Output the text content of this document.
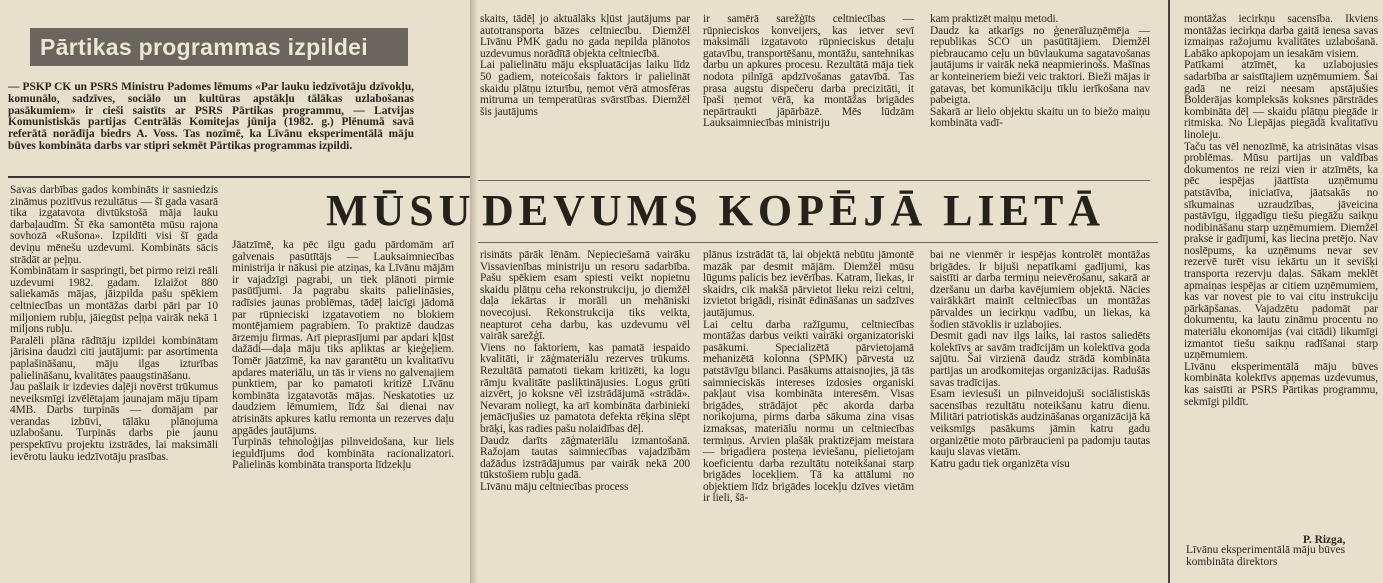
Pārtikas programmas izpildei
— PSKP CK un PSRS Ministru Padomes lēmums «Par lauku iedzīvotāju dzīvokļu, komunālo, sadzīves, sociālo un kultūras apstākļu tālākas uzlabošanas pasākumiem» ir cieši saistīts ar PSRS Pārtikas programmu, — Latvijas Komunistiskās partijas Centrālās Komitejas jūnija (1982. g.) Plēnumā savā referātā norādīja biedrs A. Voss. Tas nozīmē, ka Līvānu eksperimentālā māju būves kombināta darbs var stipri sekmēt Pārtikas programmas izpildi.
MŪSU DEVUMS KOPĒJĀ LIETĀ
Savas darbības gados kombināts ir sasniedzis zināmus pozitīvus rezultātus — šī gada vasarā tika izgatavota divtūkstošā māja lauku darbaļaudīm. Šī ēka samontēta mūsu rajona sovhozā «Rušona». Izpildīti visi šī gada deviņu mēnešu uzdevumi. Kombināts sācis strādāt ar peļņu.
Kombinātam ir saspringti, bet pirmo reizi reāli uzdevumi 1982. gadam. Izlaižot 880 saliekamās mājas, jāizpilda pašu spēkiem celtniecības un montāžas darbi pāri par 10 miljoniem rubļu, jāiegūst peļņa vairāk nekā 1 miljons rubļu.
Paralēli plāna rādītāju izpildei kombinātam jārisina daudzi citi jautājumi: par asortimenta paplašināšanu, māju ilgas izturības palielināšanu, kvalitātes paaugstināšanu.
Jau pašlaik ir izdevies daļēji novērst trūkumus neveiksmīgi izvēlētajam jaunajam māju tipam 4MB. Darbs turpinās — domājam par verandas izbūvi, tālāku plānojuma uzlabošanu. Turpinās darbs pie jaunu perspektīvu projektu izstrādes, lai maksimāli ievērotu lauku iedzīvotāju prasības.
Jāatzīmē, ka pēc ilgu gadu pārdomām arī galvenais pasūtītājs — Lauksaimniecības ministrija ir nākusi pie atziņas, ka Līvānu mājām ir vajadzīgi pagrabi, un tiek plānoti pirmie pasūtījumi. Ja pagrabu skaits palielināsies, radīsies jaunas problēmas, tādēļ laicīgi jādomā par rūpnieciski izgatavotiem no blokiem montējamiem pagrabiem. To praktizē daudzas ārzemju firmas. Arī pieprasījumi par apdari kļūst dažādi—daļa māju tiks apliktas ar ķieģeļiem. Tomēr jāatzīmē, ka nav garantētu un kvalitatīvu apdares materiālu, un tās ir viens no galvenajiem punktiem, par ko pamatoti kritizē Līvānu kombināta izgatavotās mājas. Neskatoties uz daudziem lēmumiem, līdz šai dienai nav atrisināts apkures katlu remonta un rezerves daļu apgādes jautājums.
Turpinās tehnoloģijas pilnveidošana, kur liels ieguldījums dod kombināta racionalizatori. Palielinās kombināta transporta līdzekļu
skaits, tādēļ jo aktuālāks kļūst jautājums par autotransporta bāzes celtniecību. Diemžēl Līvānu PMK gadu no gada nepilda plānotos uzdevumus norādītā objekta celtniecībā.
Lai palielinātu māju ekspluatācijas laiku līdz 50 gadiem, noteicošais faktors ir palielināt skaidu plātņu izturību, ņemot vērā atmosfēras mitruma un temperatūras svārstības. Diemžēl šis jautājums
risināts pārāk lēnām. Nepieciešamā vairāku Vissavienības ministriju un resoru sadarbība. Pašu spēkiem esam spiesti veikt nopietnu skaidu plātņu ceha rekonstrukciju, jo diemžēl daļa iekārtas ir morāli un mehāniski novecojusi. Rekonstrukcija tiks veikta, neapturot ceha darbu, kas uzdevumu vēl vairāk sarežģī.
Viens no faktoriem, kas pamatā iespaido kvalitāti, ir zāģmateriālu rezerves trūkums. Rezultātā pamatoti tiekam kritizēti, ka logu rāmju kvalitāte pasliktinājusies. Logus grūti aizvērt, jo koksne vēl izstrādājumā «strādā». Nevaram noliegt, ka arī kombināta darbinieki jemācījušies uz pamatota defekta rēķina slēpt brāķi, kas radies pašu nolaidības dēļ.
Daudz darīts zāģmateriālu izmantošanā. Ražojam tautas saimniecības vajadzībām dažādus izstrādājumus par vairāk nekā 200 tūkstošiem rubļu gadā.
Līvānu māju celtniecības process
ir samērā sarežģīts celtniecības — rūpnieciskos konveijers, kas ietver sevī maksimāli izgatavoto rūpnieciskus detaļu gatavību, transportēšanu, montāžu, santehnikas darbu un apkures procesu. Rezultātā māja tiek nodota pilnīgā apdzīvošanas gatavībā. Tas prasa augstu dispečeru darba precizitāti, it īpaši ņemot vērā, ka montāžas brigādes nepārtraukti jāpārbāzē. Mēs lūdzām Lauksaimniecības ministriju
plānus izstrādāt tā, lai objektā nebūtu jāmontē mazāk par desmit mājām. Diemžēl mūsu lūgums palicis bez ievērības. Katram, liekas, ir skaidrs, cik makšā pārvietot lieku reizi celtni, izvietot brigādi, risināt ēdināšanas un sadzīves jautājumus.
Lai celtu darba ražīgumu, celtniecības montāžas darbus veikti vairāki organizatoriski pasākumi. Specializētā pārvietojamā mehanizētā kolonna (SPMK) pārvesta uz patstāvīgu bilanci. Pasākums attaisnojies, jā tās saimnieciskās intereses izdosies organiski pakļaut visa kombināta interesēm. Visas brigādes, strādājot pēc akorda darba norikojuma, pirms darba sākuma zina visas izmaksas, materiālu normu un celtniecības termiņus. Arvien plašāk praktizējam meistara — brigadiera posteņa ieviešanu, pielietojam koeficientu darba rezultātu noteikšanai starp brigādes locekļiem. Tā ka attālumi no objektiem līdz brigādes locekļu dzīves vietām ir lieli, šā-
kam praktizēt maiņu metodi.
Daudz ka atkarīgs no ģenerāluzņēmēja — republikas SCO un pasūtītājiem. Diemžēl piebraucamo ceļu un būvlaukuma sagatavošanas jautājums ir vairāk nekā neapmierinošs. Mašīnas ar konteineriem bieži veic traktori. Bieži mājas ir gatavas, bet komunikāciju tīklu ierīkošana nav pabeigta.
Sakarā ar lielo objektu skaitu un to biežo maiņu kombināta vadī-
bai ne vienmēr ir iespējas kontrolēt montāžas brigādes. Ir bijuši nepatīkami gadījumi, kas saistīti ar darba termiņu neievērošanu, sakarā ar dzeršanu un darba kavējumiem objektā. Nācies vairākkārt mainīt celtniecības un montāžas pārvaldes un iecirkņu vadību, un liekas, ka šodien stāvoklis ir uzlabojies.
Desmit gadi nav ilgs laiks, lai rastos saliedēts kolektīvs ar savām tradīcijām un kolektīva goda sajūtu. Šai virzienā daudz strādā kombināta partijas un arodkomitejas organizācijas. Radušās savas tradīcijas.
Esam ieviesuši un pilnveidojuši sociālistiskās sacensības rezultātu noteikšanu katru dienu. Militāri patriotiskās audzināšanas organizācijā kā veiksmīgs pasākums jāmin katru gadu organizētie moto pārbraucieni pa padomju tautas kauju slavas vietām.
Katru gadu tiek organizēta visu
montāžas iecirkņu sacensība. Ikviens montāžas iecirkņa darba gaitā ienesa savas izmaiņas ražojumu kvalitātes uzlabošanā. Labāko apkopojam un iesakām visiem.
Patīkami atzīmēt, ka uzlabojusies sadarbība ar saistītajiem uzņēmumiem. Šai gadā ne reizi neesam apstājušies Bolderājas kompleksās koksnes pārstrādes kombināta dēļ — skaidu plātņu piegāde ir ritmiska. No Liepājas piegādā kvalitatīvu linoleju.
Taču tas vēl nenozīmē, ka atrisinātas visas problēmas. Mūsu partijas un valdības dokumentos ne reizi vien ir atzīmēts, ka pēc iespējas jāattīsta uzņēmumu patstāvība, iniciatīva, jāatsakās no sīkumainas uzraudzības, jāveicina pastāvīgu, ilggadīgu tiešu piegāžu saikņu nodibināšanu starp uzņēmumiem. Diemžēl prakse ir gadījumi, kas liecina pretējo. Nav noslēpums, ka uzņēmums nevar sev rezervē turēt visu iekārtu un it sevišķi transporta rezervju daļas. Sākam meklēt apmaiņas iespējas ar citiem uzņēmumiem, kas var novest pie to vai citu instrukciju pārkāpšanas. Vajadzētu padomāt par dokumentu, ka lautu zināmu procentu no materiālu ekonomijas (vai citādi) likumīgi izmantot tiešu saikņu radīšanai starp uzņēmumiem.
Līvānu eksperimentālā māju būves kombināta kolektīvs apņemas uzdevumus, kas saistīti ar PSRS Pārtikas programmu, sekmīgi pildīt.
P. Rizga,
Līvānu eksperimentālā māju būves kombināta direktors
